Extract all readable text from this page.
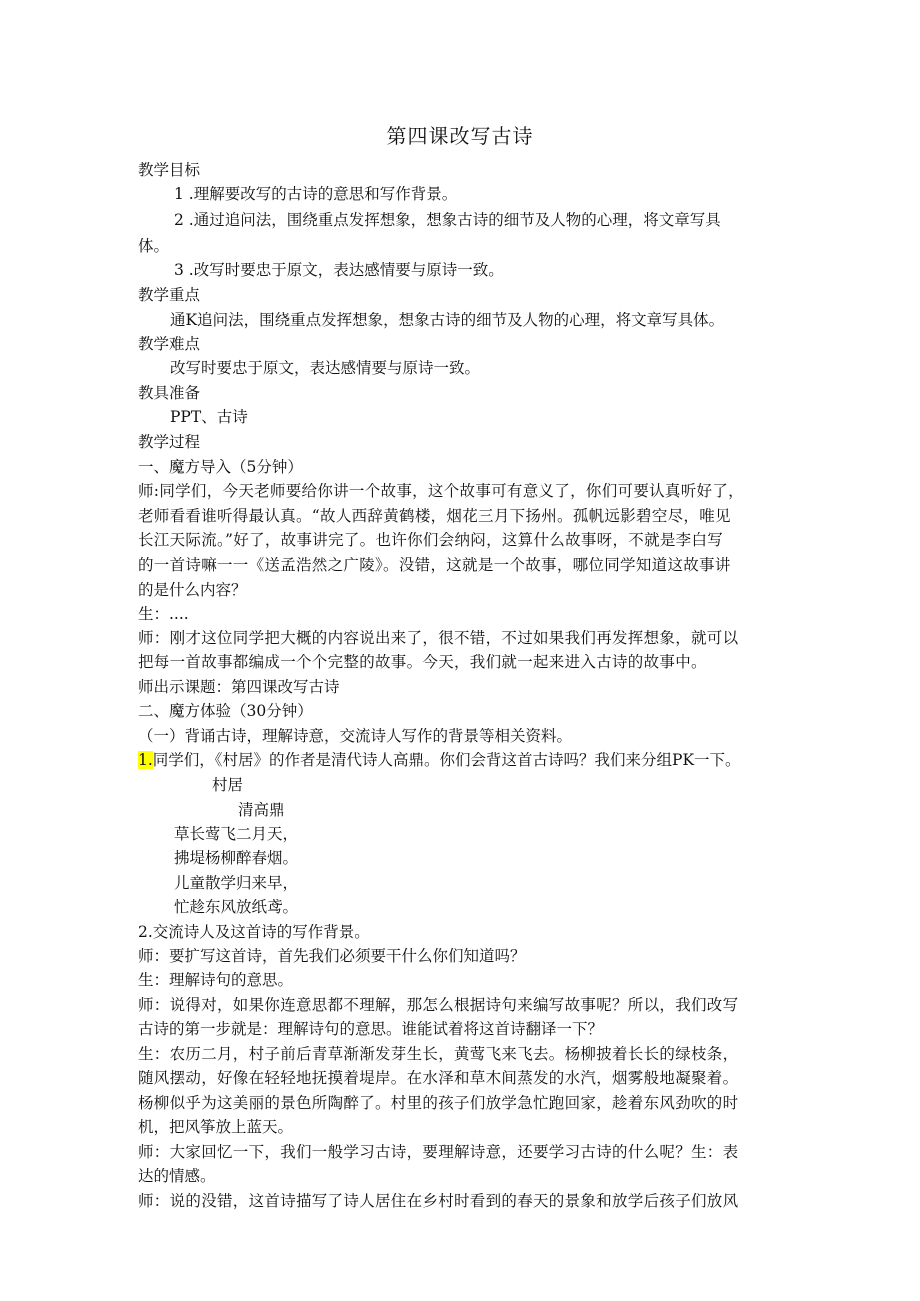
第四课改写古诗
教学目标
1 .理解要改写的古诗的意思和写作背景。
2 .通过追问法，围绕重点发挥想象，想象古诗的细节及人物的心理，将文章写具
体。
3 .改写时要忠于原文，表达感情要与原诗一致。
教学重点
通K追问法，围绕重点发挥想象，想象古诗的细节及人物的心理，将文章写具体。
教学难点
改写时要忠于原文，表达感情要与原诗一致。
教具准备
PPT、古诗
教学过程
一、魔方导入（5分钟）
师:同学们，今天老师要给你讲一个故事，这个故事可有意义了，你们可要认真听好了，
老师看看谁听得最认真。“故人西辞黄鹤楼，烟花三月下扬州。孤帆远影碧空尽，唯见
长江天际流。”好了，故事讲完了。也许你们会纳闷，这算什么故事呀，不就是李白写
的一首诗嘛一一《送孟浩然之广陵》。没错，这就是一个故事，哪位同学知道这故事讲
的是什么内容？
生：....
师：刚才这位同学把大概的内容说出来了，很不错，不过如果我们再发挥想象，就可以
把每一首故事都编成一个个完整的故事。今天，我们就一起来进入古诗的故事中。
师出示课题：第四课改写古诗
二、魔方体验（30分钟）
（一）背诵古诗，理解诗意，交流诗人写作的背景等相关资料。
1.同学们，《村居》的作者是清代诗人高鼎。你们会背这首古诗吗？我们来分组PK一下。
村居
清高鼎
草长莺飞二月天，
拂堤杨柳醉春烟。
儿童散学归来早，
忙趁东风放纸鸢。
2.交流诗人及这首诗的写作背景。
师：要扩写这首诗，首先我们必须要干什么你们知道吗？
生：理解诗句的意思。
师：说得对，如果你连意思都不理解，那怎么根据诗句来编写故事呢？所以，我们改写
古诗的第一步就是：理解诗句的意思。谁能试着将这首诗翻译一下？
生：农历二月，村子前后青草渐渐发芽生长，黄莺飞来飞去。杨柳披着长长的绿枝条，
随风摆动，好像在轻轻地抚摸着堤岸。在水泽和草木间蒸发的水汽，烟雾般地凝聚着。
杨柳似乎为这美丽的景色所陶醉了。村里的孩子们放学急忙跑回家，趁着东风劲吹的时
机，把风筝放上蓝天。
师：大家回忆一下，我们一般学习古诗，要理解诗意，还要学习古诗的什么呢？生：表
达的情感。
师：说的没错，这首诗描写了诗人居住在乡村时看到的春天的景象和放学后孩子们放风
